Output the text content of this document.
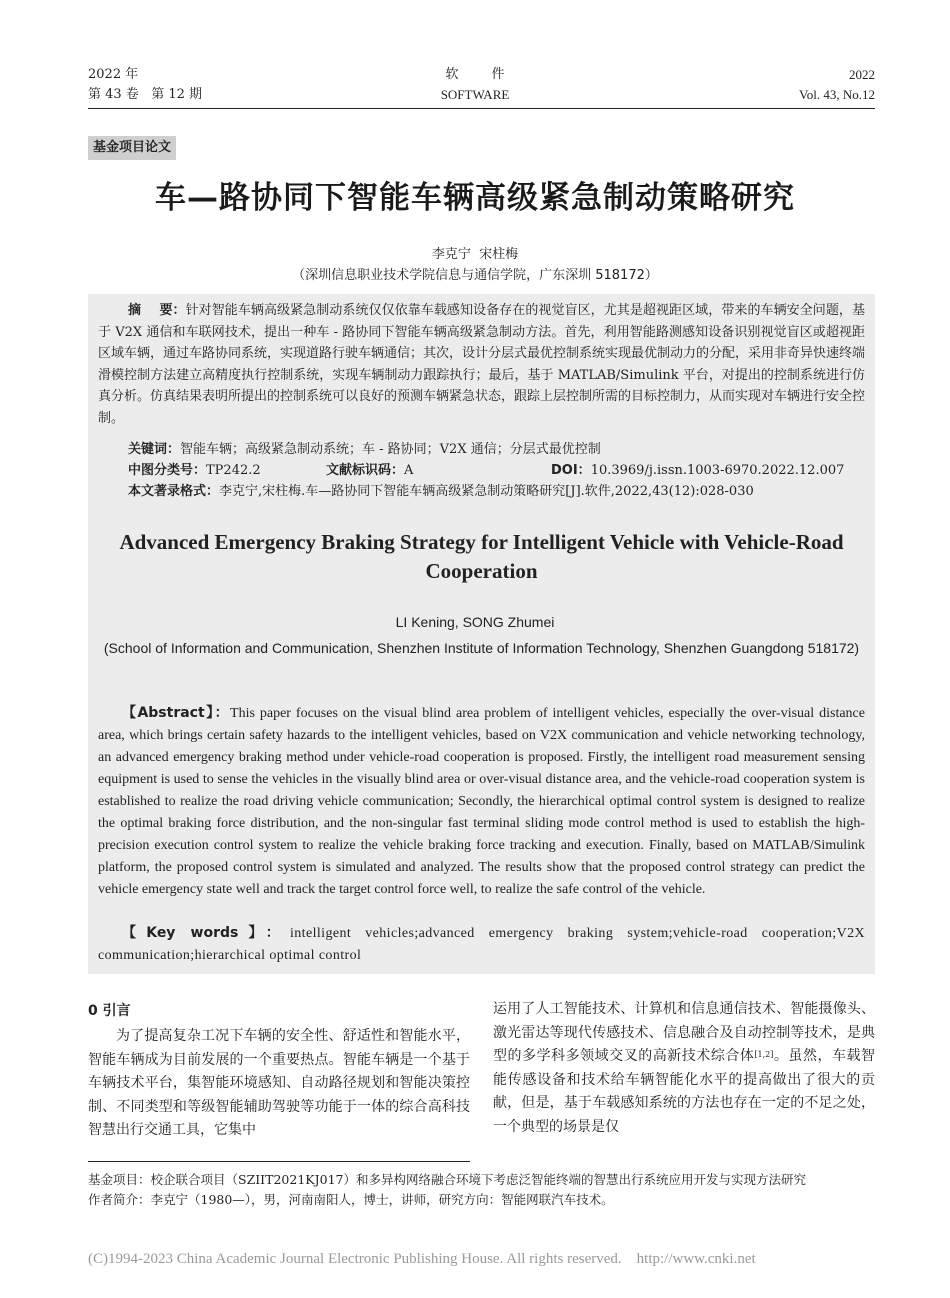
2022 年
第 43 卷   第 12 期
软        件
SOFTWARE
2022
Vol. 43, No.12
基金项目论文
车—路协同下智能车辆高级紧急制动策略研究
李克宁  宋柱梅
（深圳信息职业技术学院信息与通信学院，广东深圳 518172）
摘    要：针对智能车辆高级紧急制动系统仅仅依靠车载感知设备存在的视觉盲区，尤其是超视距区域，带来的车辆安全问题，基于 V2X 通信和车联网技术，提出一种车 - 路协同下智能车辆高级紧急制动方法。首先，利用智能路测感知设备识别视觉盲区或超视距区域车辆，通过车路协同系统，实现道路行驶车辆通信；其次，设计分层式最优控制系统实现最优制动力的分配，采用非奇异快速终端滑模控制方法建立高精度执行控制系统，实现车辆制动力跟踪执行；最后，基于 MATLAB/Simulink 平台，对提出的控制系统进行仿真分析。仿真结果表明所提出的控制系统可以良好的预测车辆紧急状态，跟踪上层控制所需的目标控制力，从而实现对车辆进行安全控制。
关键词：智能车辆；高级紧急制动系统；车 - 路协同；V2X 通信；分层式最优控制
中图分类号：TP242.2	文献标识码：A	DOI：10.3969/j.issn.1003-6970.2022.12.007
本文著录格式：李克宁,宋柱梅.车—路协同下智能车辆高级紧急制动策略研究[J].软件,2022,43(12):028-030
Advanced Emergency Braking Strategy for Intelligent Vehicle with Vehicle-Road Cooperation
LI Kening, SONG Zhumei
(School of Information and Communication, Shenzhen Institute of Information Technology, Shenzhen Guangdong 518172)
【Abstract】：This paper focuses on the visual blind area problem of intelligent vehicles, especially the over-visual distance area, which brings certain safety hazards to the intelligent vehicles, based on V2X communication and vehicle networking technology, an advanced emergency braking method under vehicle-road cooperation is proposed. Firstly, the intelligent road measurement sensing equipment is used to sense the vehicles in the visually blind area or over-visual distance area, and the vehicle-road cooperation system is established to realize the road driving vehicle communication; Secondly, the hierarchical optimal control system is designed to realize the optimal braking force distribution, and the non-singular fast terminal sliding mode control method is used to establish the high-precision execution control system to realize the vehicle braking force tracking and execution. Finally, based on MATLAB/Simulink platform, the proposed control system is simulated and analyzed. The results show that the proposed control strategy can predict the vehicle emergency state well and track the target control force well, to realize the safe control of the vehicle.
【Key words】：intelligent vehicles;advanced emergency braking system;vehicle-road cooperation;V2X communication;hierarchical optimal control
0 引言
为了提高复杂工况下车辆的安全性、舒适性和智能水平，智能车辆成为目前发展的一个重要热点。智能车辆是一个基于车辆技术平台，集智能环境感知、自动路径规划和智能决策控制、不同类型和等级智能辅助驾驶等功能于一体的综合高科技智慧出行交通工具，它集中
运用了人工智能技术、计算机和信息通信技术、智能摄像头、激光雷达等现代传感技术、信息融合及自动控制等技术，是典型的多学科多领域交叉的高新技术综合体[1,2]。虽然，车载智能传感设备和技术给车辆智能化水平的提高做出了很大的贡献，但是，基于车载感知系统的方法也存在一定的不足之处，一个典型的场景是仅
基金项目：校企联合项目（SZIIT2021KJ017）和多异构网络融合环境下考虑泛智能终端的智慧出行系统应用开发与实现方法研究
作者简介：李克宁（1980—），男，河南南阳人，博士，讲师，研究方向：智能网联汽车技术。
(C)1994-2023 China Academic Journal Electronic Publishing House. All rights reserved.    http://www.cnki.net
